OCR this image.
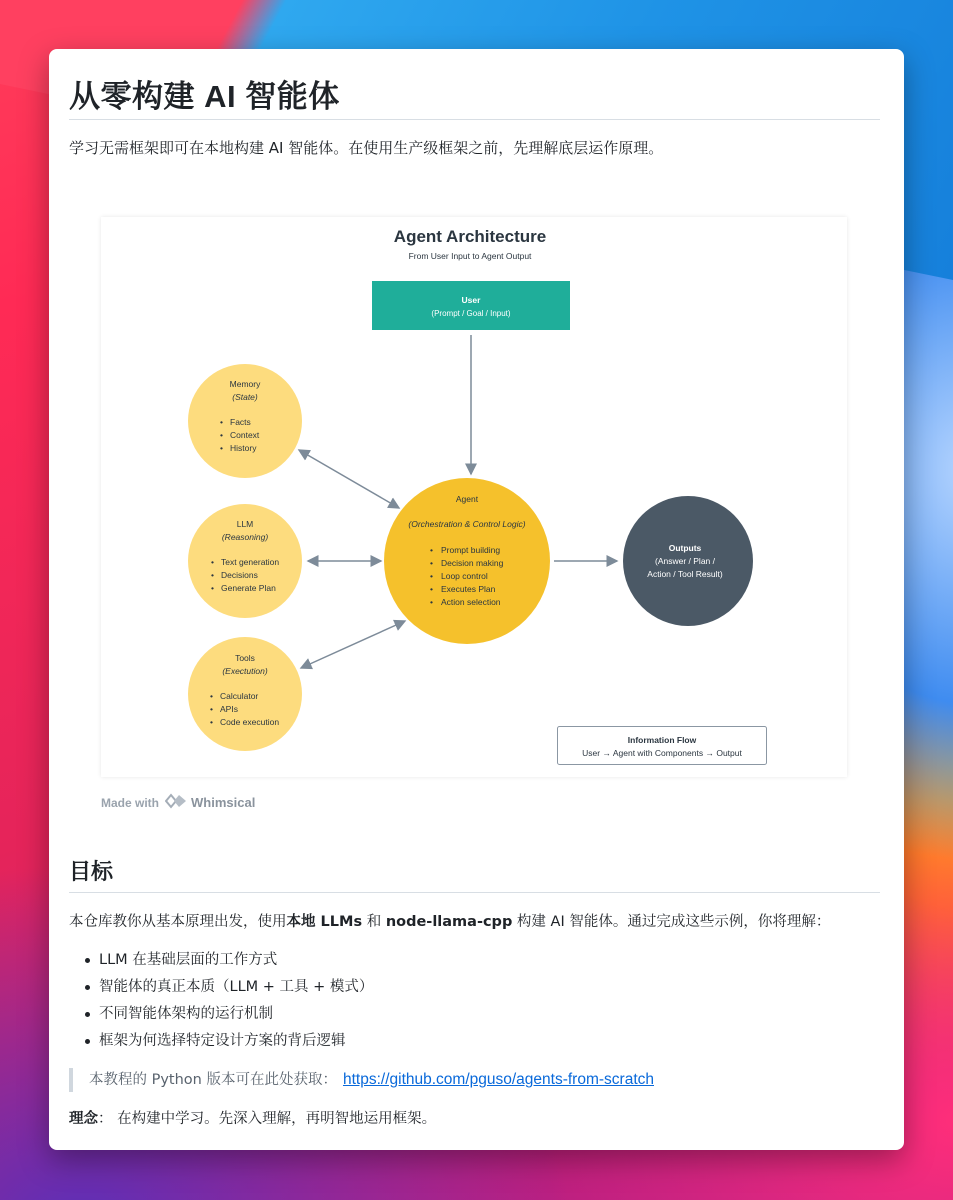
从零构建 AI 智能体

学习无需框架即可在本地构建 AI 智能体。在使用生产级框架之前，先理解底层运作原理。

Agent Architecture
From User Input to Agent Output
User
(Prompt / Goal / Input)
Memory
(State)
• Facts
• Context
• History
LLM
(Reasoning)
• Text generation
• Decisions
• Generate Plan
Tools
(Exectution)
• Calculator
• APIs
• Code execution
Agent
(Orchestration & Control Logic)
• Prompt building
• Decision making
• Loop control
• Executes Plan
• Action selection
Outputs
(Answer / Plan /
Action / Tool Result)
Information Flow
User → Agent with Components → Output
Made with Whimsical
目标

本仓库教你从基本原理出发，使用本地 LLMs 和 node-llama-cpp 构建 AI 智能体。通过完成这些示例，你将理解：

LLM 在基础层面的工作方式
智能体的真正本质（LLM + 工具 + 模式）
不同智能体架构的运行机制
框架为何选择特定设计方案的背后逻辑
本教程的 Python 版本可在此处获取： https://github.com/pguso/agents-from-scratch

理念： 在构建中学习。先深入理解，再明智地运用框架。
